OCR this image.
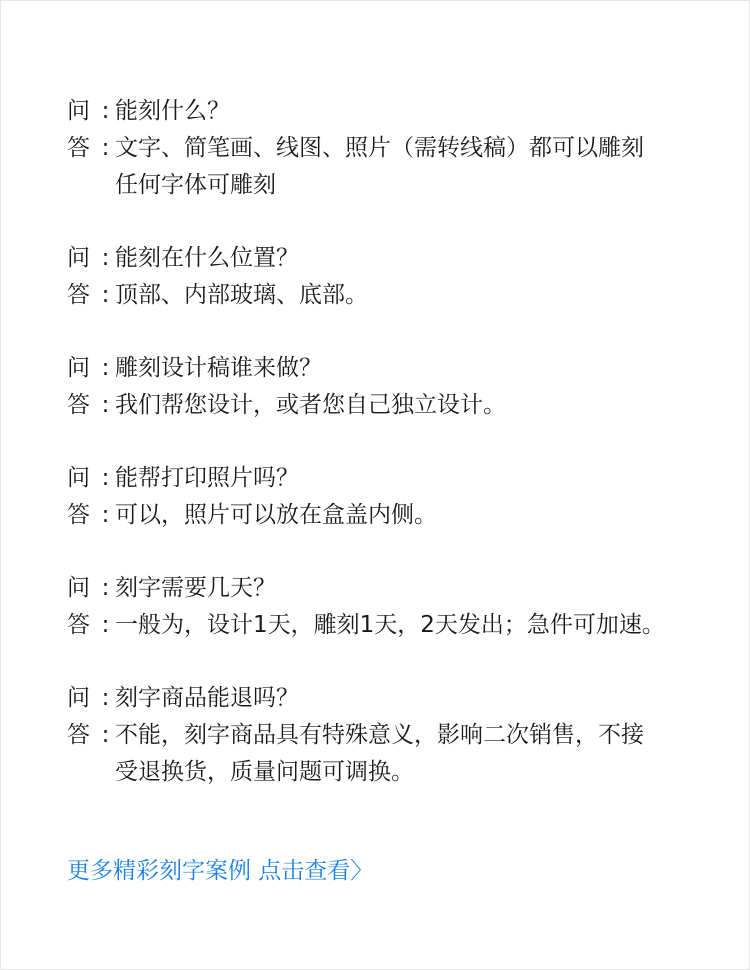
问 : 能刻什么？
答 : 文字、简笔画、线图、照片（需转线稿）都可以雕刻
任何字体可雕刻
问 : 能刻在什么位置？
答 : 顶部、内部玻璃、底部。
问 : 雕刻设计稿谁来做？
答 : 我们帮您设计，或者您自己独立设计。
问 : 能帮打印照片吗？
答 : 可以，照片可以放在盒盖内侧。
问 : 刻字需要几天？
答 : 一般为，设计1天，雕刻1天，2天发出；急件可加速。
问 : 刻字商品能退吗？
答 : 不能，刻字商品具有特殊意义，影响二次销售，不接
受退换货，质量问题可调换。
更多精彩刻字案例 点击查看〉
